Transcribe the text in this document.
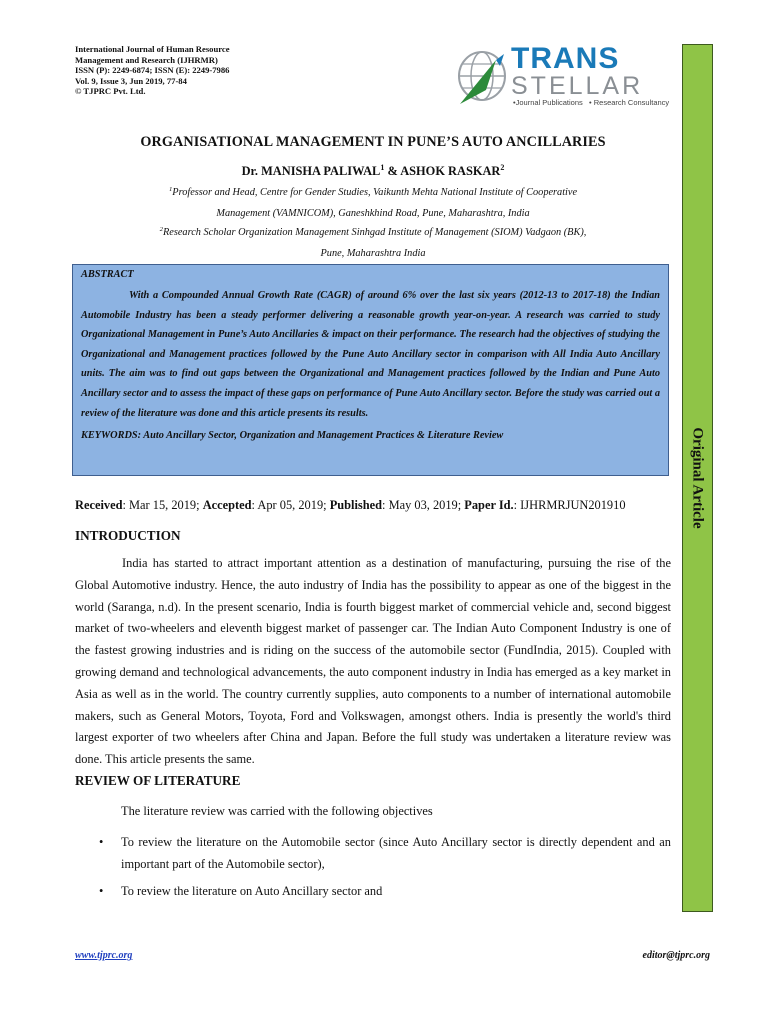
International Journal of Human Resource
Management and Research (IJHRMR)
ISSN (P): 2249-6874; ISSN (E): 2249-7986
Vol. 9, Issue 3, Jun 2019, 77-84
© TJPRC Pvt. Ltd.
TRANS
STELLAR
•Journal Publications • Research Consultancy
Original Article
ORGANISATIONAL MANAGEMENT IN PUNE’S AUTO ANCILLARIES
Dr. MANISHA PALIWAL$^1$ & ASHOK RASKAR$^2$
$^1$Professor and Head, Centre for Gender Studies, Vaikunth Mehta National Institute of Cooperative
Management (VAMNICOM), Ganeshkhind Road, Pune, Maharashtra, India
$^2$Research Scholar Organization Management Sinhgad Institute of Management (SIOM) Vadgaon (BK),
Pune, Maharashtra India
ABSTRACT
With a Compounded Annual Growth Rate (CAGR) of around 6% over the last six years (2012-13 to 2017-18) the Indian Automobile Industry has been a steady performer delivering a reasonable growth year-on-year. A research was carried to study Organizational Management in Pune’s Auto Ancillaries & impact on their performance. The research had the objectives of studying the Organizational and Management practices followed by the Pune Auto Ancillary sector in comparison with All India Auto Ancillary units. The aim was to find out gaps between the Organizational and Management practices followed by the Indian and Pune Auto Ancillary sector and to assess the impact of these gaps on performance of Pune Auto Ancillary sector. Before the study was carried out a review of the literature was done and this article presents its results.
KEYWORDS: Auto Ancillary Sector, Organization and Management Practices & Literature Review
Received: Mar 15, 2019; Accepted: Apr 05, 2019; Published: May 03, 2019; Paper Id.: IJHRMRJUN201910
INTRODUCTION

India has started to attract important attention as a destination of manufacturing, pursuing the rise of the Global Automotive industry. Hence, the auto industry of India has the possibility to appear as one of the biggest in the world (Saranga, n.d). In the present scenario, India is fourth biggest market of commercial vehicle and, second biggest market of two-wheelers and eleventh biggest market of passenger car. The Indian Auto Component Industry is one of the fastest growing industries and is riding on the success of the automobile sector (FundIndia, 2015). Coupled with growing demand and technological advancements, the auto component industry in India has emerged as a key market in Asia as well as in the world. The country currently supplies, auto components to a number of international automobile makers, such as General Motors, Toyota, Ford and Volkswagen, amongst others. India is presently the world's third largest exporter of two wheelers after China and Japan. Before the full study was undertaken a literature review was done. This article presents the same.

REVIEW OF LITERATURE

The literature review was carried with the following objectives

• To review the literature on the Automobile sector (since Auto Ancillary sector is directly dependent and an important part of the Automobile sector),

• To review the literature on Auto Ancillary sector and

www.tjprc.org	editor@tjprc.org
